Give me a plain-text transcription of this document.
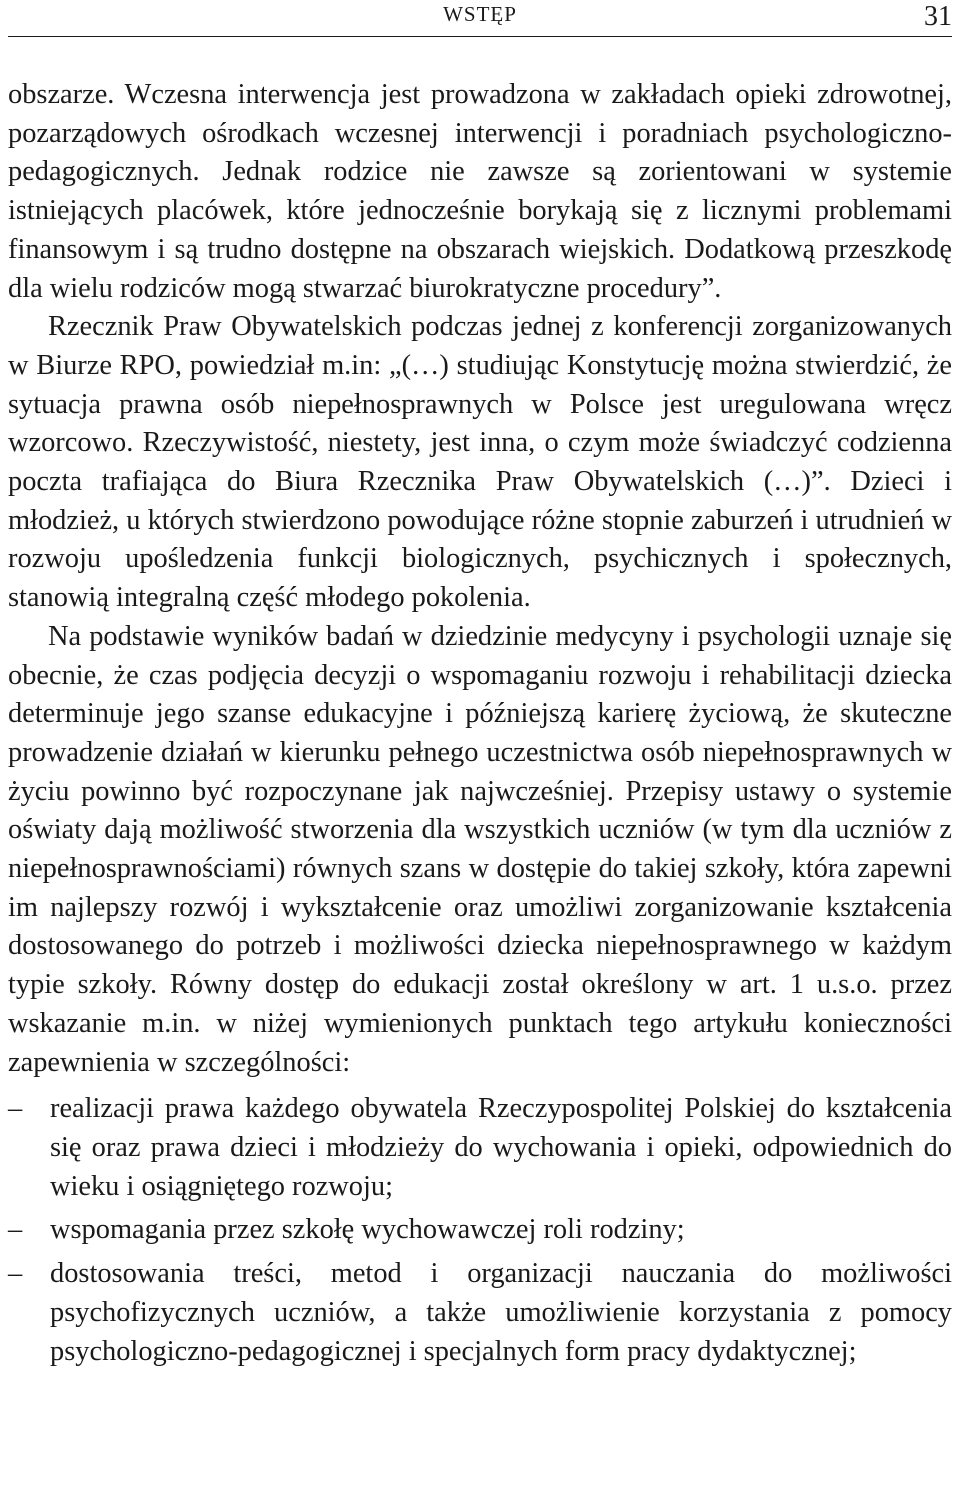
WSTĘP	31

obszarze. Wczesna interwencja jest prowadzona w zakładach opieki zdrowotnej, pozarządowych ośrodkach wczesnej interwencji i poradniach psychologiczno-pedagogicznych. Jednak rodzice nie zawsze są zorientowani w systemie istniejących placówek, które jednocześnie borykają się z licznymi problemami finansowym i są trudno dostępne na obszarach wiejskich. Dodatkową przeszkodę dla wielu rodziców mogą stwarzać biurokratyczne procedury”.

Rzecznik Praw Obywatelskich podczas jednej z konferencji zorganizowanych w Biurze RPO, powiedział m.in: „(…) studiując Konstytucję można stwierdzić, że sytuacja prawna osób niepełnosprawnych w Polsce jest uregulowana wręcz wzorcowo. Rzeczywistość, niestety, jest inna, o czym może świadczyć codzienna poczta trafiająca do Biura Rzecznika Praw Obywatelskich (…)”. Dzieci i młodzież, u których stwierdzono powodujące różne stopnie zaburzeń i utrudnień w rozwoju upośledzenia funkcji biologicznych, psychicznych i społecznych, stanowią integralną część młodego pokolenia.

Na podstawie wyników badań w dziedzinie medycyny i psychologii uznaje się obecnie, że czas podjęcia decyzji o wspomaganiu rozwoju i rehabilitacji dziecka determinuje jego szanse edukacyjne i późniejszą karierę życiową, że skuteczne prowadzenie działań w kierunku pełnego uczestnictwa osób niepełnosprawnych w życiu powinno być rozpoczynane jak najwcześniej. Przepisy ustawy o systemie oświaty dają możliwość stworzenia dla wszystkich uczniów (w tym dla uczniów z niepełnosprawnościami) równych szans w dostępie do takiej szkoły, która zapewni im najlepszy rozwój i wykształcenie oraz umożliwi zorganizowanie kształcenia dostosowanego do potrzeb i możliwości dziecka niepełnosprawnego w każdym typie szkoły. Równy dostęp do edukacji został określony w art. 1 u.s.o. przez wskazanie m.in. w niżej wymienionych punktach tego artykułu konieczności zapewnienia w szczególności:

– realizacji prawa każdego obywatela Rzeczypospolitej Polskiej do kształcenia się oraz prawa dzieci i młodzieży do wychowania i opieki, odpowiednich do wieku i osiągniętego rozwoju;
– wspomagania przez szkołę wychowawczej roli rodziny;
– dostosowania treści, metod i organizacji nauczania do możliwości psychofizycznych uczniów, a także umożliwienie korzystania z pomocy psychologiczno-pedagogicznej i specjalnych form pracy dydaktycznej;
